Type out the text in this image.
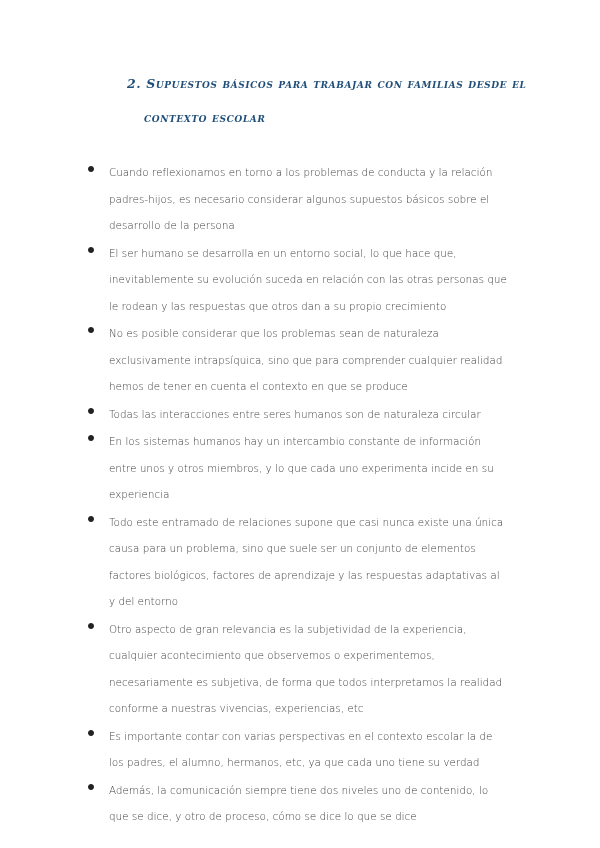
2. Supuestos básicos para trabajar con familias desde el
contexto escolar
Cuando reflexionamos en torno a los problemas de conducta y la relación padres-hijos, es necesario considerar algunos supuestos básicos sobre el desarrollo de la persona
El ser humano se desarrolla en un entorno social, lo que hace que, inevitablemente su evolución suceda en relación con las otras personas que le rodean y las respuestas que otros dan a su propio crecimiento
No es posible considerar que los problemas sean de naturaleza exclusivamente intrapsíquica, sino que para comprender cualquier realidad hemos de tener en cuenta el contexto en que se produce
Todas las interacciones entre seres humanos son de naturaleza circular
En los sistemas humanos hay un intercambio constante de información entre unos y otros miembros, y lo que cada uno experimenta incide en su experiencia
Todo este entramado de relaciones supone que casi nunca existe una única causa para un problema, sino que suele ser un conjunto de elementos factores biológicos, factores de aprendizaje y las respuestas adaptativas al y del entorno
Otro aspecto de gran relevancia es la subjetividad de la experiencia, cualquier acontecimiento que observemos o experimentemos, necesariamente es subjetiva, de forma que todos interpretamos la realidad conforme a nuestras vivencias, experiencias, etc
Es importante contar con varias perspectivas en el contexto escolar la de los padres, el alumno, hermanos, etc, ya que cada uno tiene su verdad
Además, la comunicación siempre tiene dos niveles uno de contenido, lo que se dice, y otro de proceso, cómo se dice lo que se dice
